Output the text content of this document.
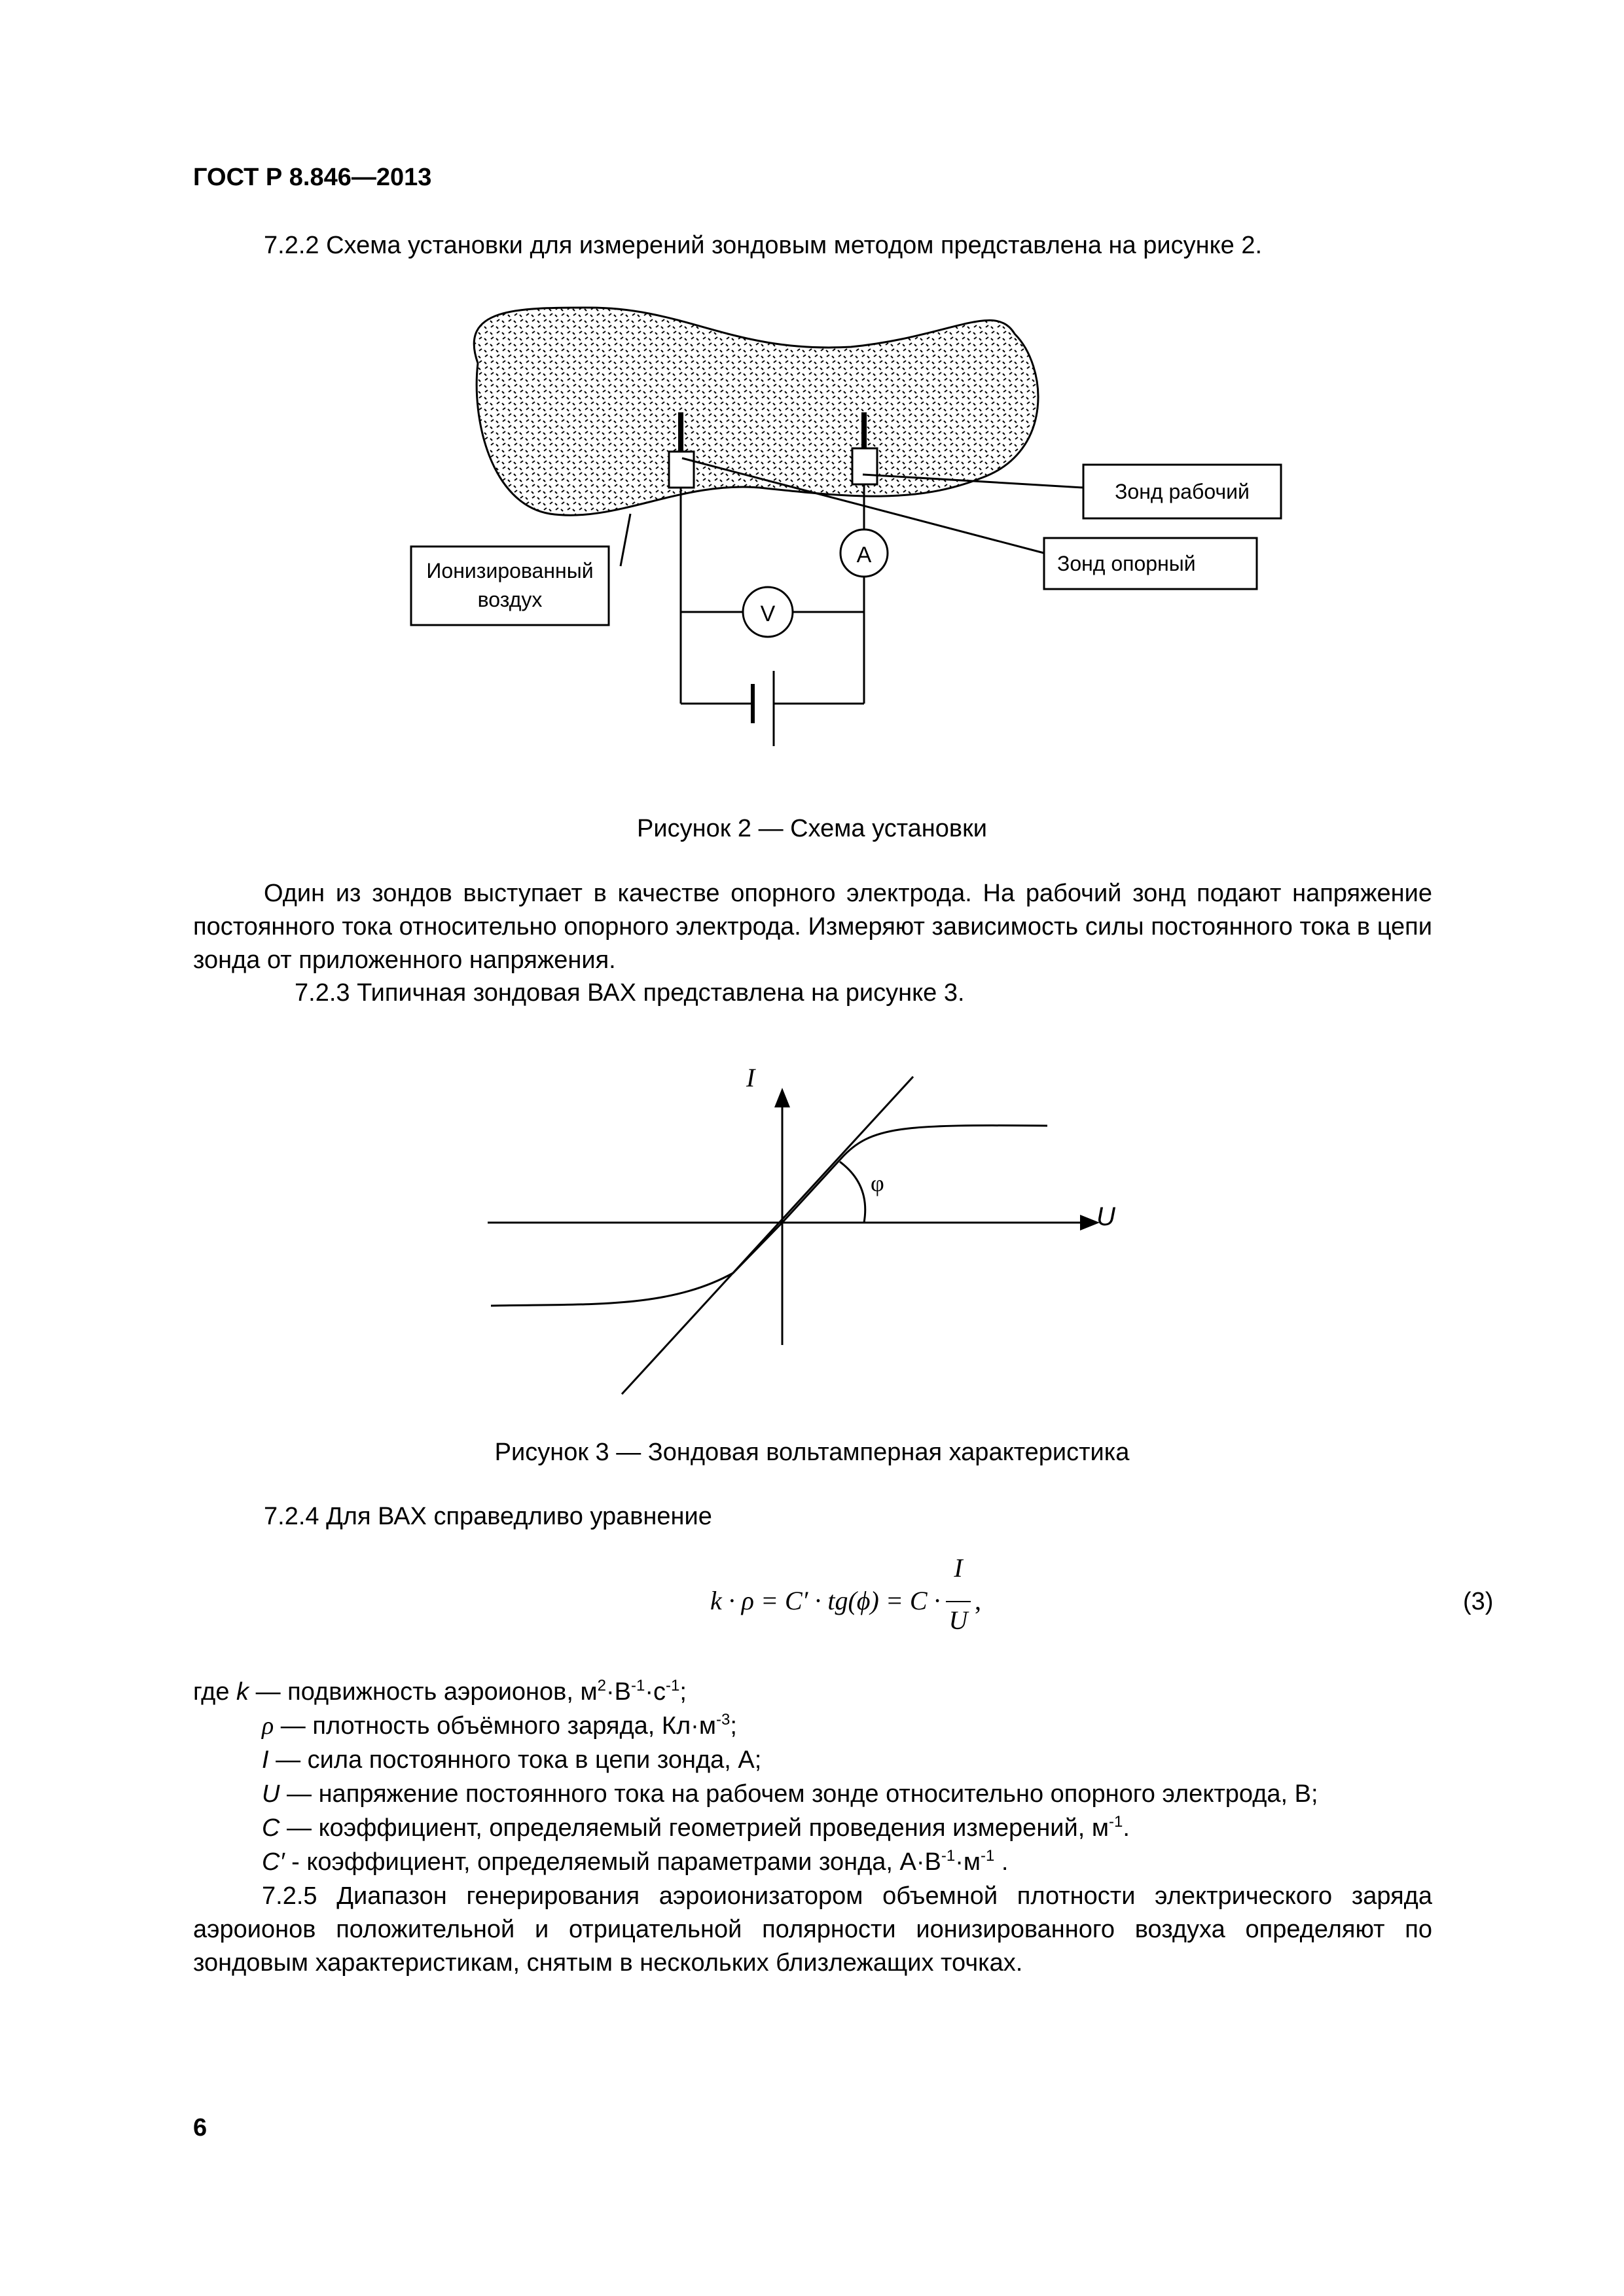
ГОСТ Р 8.846—2013
7.2.2 Схема установки для измерений зондовым методом представлена на рисунке 2.
A
V
Зонд рабочий
Зонд опорный
Ионизированный
воздух
Рисунок 2 — Схема установки
Один из зондов выступает в качестве опорного электрода. На рабочий зонд подают напряжение постоянного тока относительно опорного электрода. Измеряют зависимость силы постоянного тока в цепи зонда от приложенного напряжения.
7.2.3 Типичная зондовая ВАХ представлена на рисунке 3.
I
U
φ
Рисунок 3 — Зондовая вольтамперная характеристика
7.2.4 Для ВАХ справедливо уравнение
k · ρ = C′ · tg(ϕ) = C ·
I
U
,	(3)
где k — подвижность аэроионов, $м^2\cdot В^{-1}\cdot с^{-1}$;
ρ — плотность объёмного заряда, $Кл\cdot м^{-3}$;
I — сила постоянного тока в цепи зонда, А;
U — напряжение постоянного тока на рабочем зонде относительно опорного электрода, В;
C — коэффициент, определяемый геометрией проведения измерений, $м^{-1}$.
C′ - коэффициент, определяемый параметрами зонда, $А\cdot В^{-1}\cdot м^{-1}$ .
7.2.5 Диапазон генерирования аэроионизатором объемной плотности электрического заряда аэроионов положительной и отрицательной полярности ионизированного воздуха определяют по зондовым характеристикам, снятым в нескольких близлежащих точках.
6
